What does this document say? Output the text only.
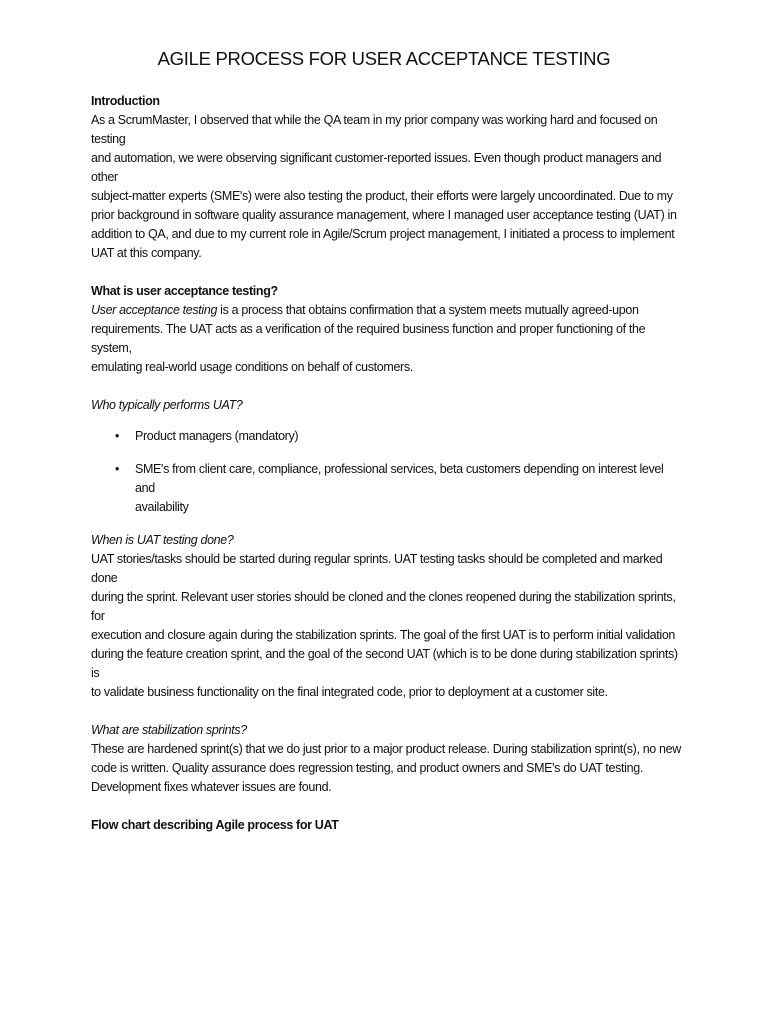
AGILE PROCESS FOR USER ACCEPTANCE TESTING

Introduction

As a ScrumMaster, I observed that while the QA team in my prior company was working hard and focused on testing

and automation, we were observing significant customer-reported issues. Even though product managers and other

subject-matter experts (SME's) were also testing the product, their efforts were largely uncoordinated. Due to my

prior background in software quality assurance management, where I managed user acceptance testing (UAT) in

addition to QA, and due to my current role in Agile/Scrum project management, I initiated a process to implement

UAT at this company.

What is user acceptance testing?

User acceptance testing is a process that obtains confirmation that a system meets mutually agreed-upon

requirements. The UAT acts as a verification of the required business function and proper functioning of the system,

emulating real-world usage conditions on behalf of customers.

Who typically performs UAT?

• Product managers (mandatory)
• SME's from client care, compliance, professional services, beta customers depending on interest level and
availability

When is UAT testing done?

UAT stories/tasks should be started during regular sprints. UAT testing tasks should be completed and marked done

during the sprint. Relevant user stories should be cloned and the clones reopened during the stabilization sprints, for

execution and closure again during the stabilization sprints. The goal of the first UAT is to perform initial validation

during the feature creation sprint, and the goal of the second UAT (which is to be done during stabilization sprints) is

to validate business functionality on the final integrated code, prior to deployment at a customer site.

What are stabilization sprints?

These are hardened sprint(s) that we do just prior to a major product release. During stabilization sprint(s), no new

code is written. Quality assurance does regression testing, and product owners and SME's do UAT testing.

Development fixes whatever issues are found.

Flow chart describing Agile process for UAT
